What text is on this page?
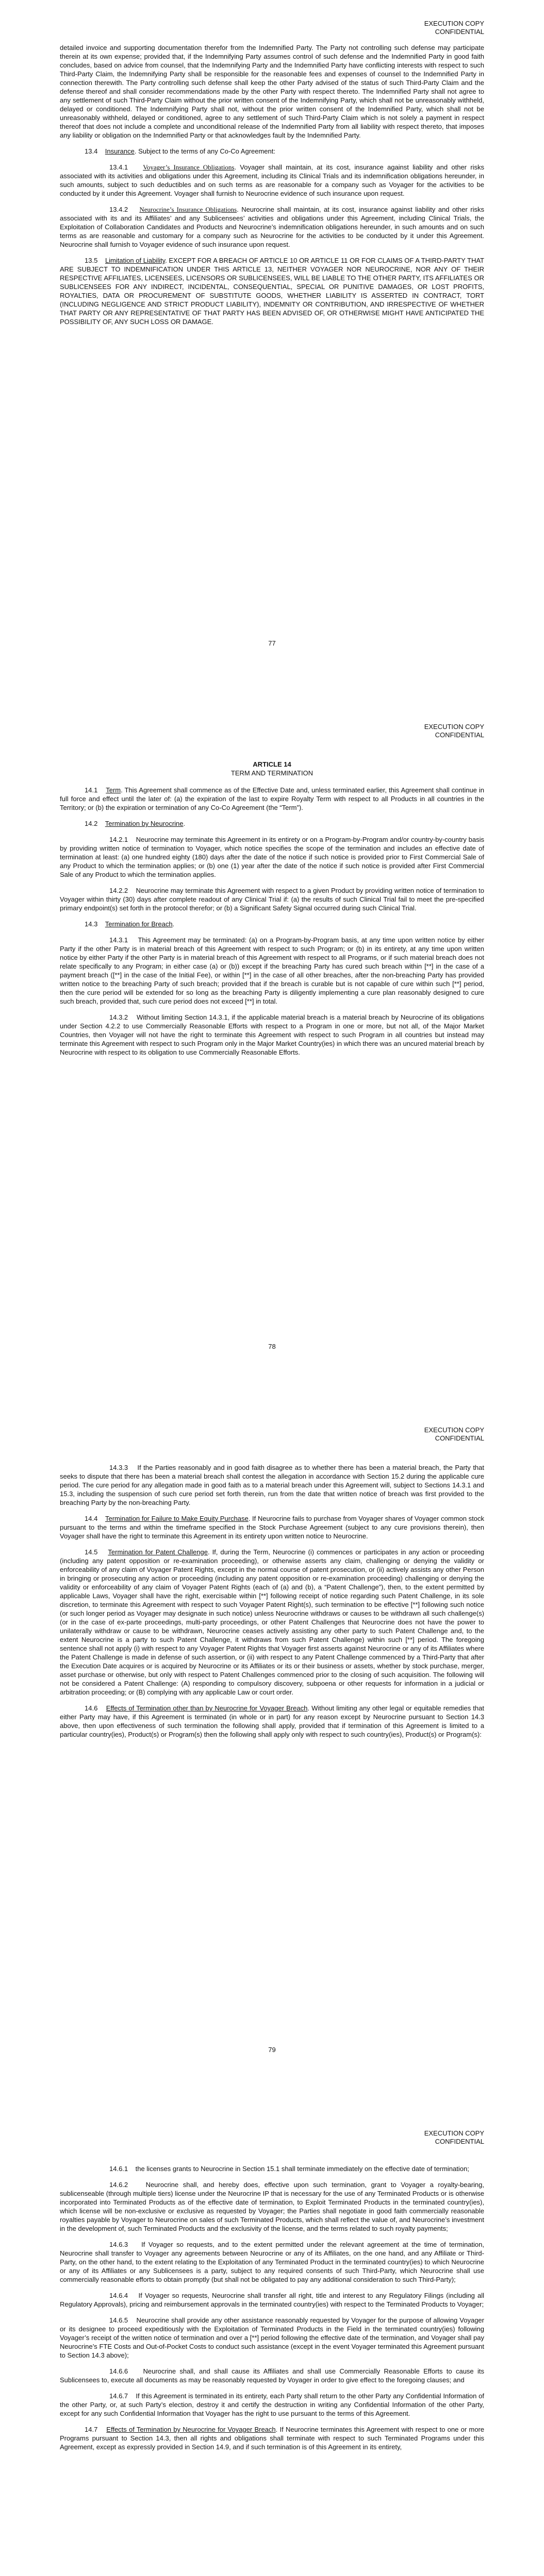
EXECUTION COPY
CONFIDENTIAL

detailed invoice and supporting documentation therefor from the Indemnified Party. The Party not controlling such defense may participate therein at its own expense; provided that, if the Indemnifying Party assumes control of such defense and the Indemnified Party in good faith concludes, based on advice from counsel, that the Indemnifying Party and the Indemnified Party have conflicting interests with respect to such Third-Party Claim, the Indemnifying Party shall be responsible for the reasonable fees and expenses of counsel to the Indemnified Party in connection therewith. The Party controlling such defense shall keep the other Party advised of the status of such Third-Party Claim and the defense thereof and shall consider recommendations made by the other Party with respect thereto. The Indemnified Party shall not agree to any settlement of such Third-Party Claim without the prior written consent of the Indemnifying Party, which shall not be unreasonably withheld, delayed or conditioned. The Indemnifying Party shall not, without the prior written consent of the Indemnified Party, which shall not be unreasonably withheld, delayed or conditioned, agree to any settlement of such Third-Party Claim which is not solely a payment in respect thereof that does not include a complete and unconditional release of the Indemnified Party from all liability with respect thereto, that imposes any liability or obligation on the Indemnified Party or that acknowledges fault by the Indemnified Party.

13.4 Insurance. Subject to the terms of any Co-Co Agreement:

13.4.1 Voyager’s Insurance Obligations. Voyager shall maintain, at its cost, insurance against liability and other risks associated with its activities and obligations under this Agreement, including its Clinical Trials and its indemnification obligations hereunder, in such amounts, subject to such deductibles and on such terms as are reasonable for a company such as Voyager for the activities to be conducted by it under this Agreement. Voyager shall furnish to Neurocrine evidence of such insurance upon request.

13.4.2 Neurocrine’s Insurance Obligations. Neurocrine shall maintain, at its cost, insurance against liability and other risks associated with its and its Affiliates’ and any Sublicensees’ activities and obligations under this Agreement, including Clinical Trials, the Exploitation of Collaboration Candidates and Products and Neurocrine’s indemnification obligations hereunder, in such amounts and on such terms as are reasonable and customary for a company such as Neurocrine for the activities to be conducted by it under this Agreement. Neurocrine shall furnish to Voyager evidence of such insurance upon request.

13.5 Limitation of Liability. EXCEPT FOR A BREACH OF ARTICLE 10 OR ARTICLE 11 OR FOR CLAIMS OF A THIRD-PARTY THAT ARE SUBJECT TO INDEMNIFICATION UNDER THIS ARTICLE 13, NEITHER VOYAGER NOR NEUROCRINE, NOR ANY OF THEIR RESPECTIVE AFFILIATES, LICENSEES, LICENSORS OR SUBLICENSEES, WILL BE LIABLE TO THE OTHER PARTY, ITS AFFILIATES OR SUBLICENSEES FOR ANY INDIRECT, INCIDENTAL, CONSEQUENTIAL, SPECIAL OR PUNITIVE DAMAGES, OR LOST PROFITS, ROYALTIES, DATA OR PROCUREMENT OF SUBSTITUTE GOODS, WHETHER LIABILITY IS ASSERTED IN CONTRACT, TORT (INCLUDING NEGLIGENCE AND STRICT PRODUCT LIABILITY), INDEMNITY OR CONTRIBUTION, AND IRRESPECTIVE OF WHETHER THAT PARTY OR ANY REPRESENTATIVE OF THAT PARTY HAS BEEN ADVISED OF, OR OTHERWISE MIGHT HAVE ANTICIPATED THE POSSIBILITY OF, ANY SUCH LOSS OR DAMAGE.

77
EXECUTION COPY
CONFIDENTIAL
ARTICLE 14
TERM AND TERMINATION

14.1 Term. This Agreement shall commence as of the Effective Date and, unless terminated earlier, this Agreement shall continue in full force and effect until the later of: (a) the expiration of the last to expire Royalty Term with respect to all Products in all countries in the Territory; or (b) the expiration or termination of any Co-Co Agreement (the “Term”).

14.2 Termination by Neurocrine.

14.2.1 Neurocrine may terminate this Agreement in its entirety or on a Program-by-Program and/or country-by-country basis by providing written notice of termination to Voyager, which notice specifies the scope of the termination and includes an effective date of termination at least: (a) one hundred eighty (180) days after the date of the notice if such notice is provided prior to First Commercial Sale of any Product to which the termination applies; or (b) one (1) year after the date of the notice if such notice is provided after First Commercial Sale of any Product to which the termination applies.

14.2.2 Neurocrine may terminate this Agreement with respect to a given Product by providing written notice of termination to Voyager within thirty (30) days after complete readout of any Clinical Trial if: (a) the results of such Clinical Trial fail to meet the pre-specified primary endpoint(s) set forth in the protocol therefor; or (b) a Significant Safety Signal occurred during such Clinical Trial.

14.3 Termination for Breach.

14.3.1 This Agreement may be terminated: (a) on a Program-by-Program basis, at any time upon written notice by either Party if the other Party is in material breach of this Agreement with respect to such Program; or (b) in its entirety, at any time upon written notice by either Party if the other Party is in material breach of this Agreement with respect to all Programs, or if such material breach does not relate specifically to any Program; in either case (a) or (b)) except if the breaching Party has cured such breach within [**] in the case of a payment breach ([**] in the case of the Initial Fee), or within [**] in the case of all other breaches, after the non-breaching Party has provided written notice to the breaching Party of such breach; provided that if the breach is curable but is not capable of cure within such [**] period, then the cure period will be extended for so long as the breaching Party is diligently implementing a cure plan reasonably designed to cure such breach, provided that, such cure period does not exceed [**] in total.

14.3.2 Without limiting Section 14.3.1, if the applicable material breach is a material breach by Neurocrine of its obligations under Section 4.2.2 to use Commercially Reasonable Efforts with respect to a Program in one or more, but not all, of the Major Market Countries, then Voyager will not have the right to terminate this Agreement with respect to such Program in all countries but instead may terminate this Agreement with respect to such Program only in the Major Market Country(ies) in which there was an uncured material breach by Neurocrine with respect to its obligation to use Commercially Reasonable Efforts.

78
EXECUTION COPY
CONFIDENTIAL

14.3.3 If the Parties reasonably and in good faith disagree as to whether there has been a material breach, the Party that seeks to dispute that there has been a material breach shall contest the allegation in accordance with Section 15.2 during the applicable cure period. The cure period for any allegation made in good faith as to a material breach under this Agreement will, subject to Sections 14.3.1 and 15.3, including the suspension of such cure period set forth therein, run from the date that written notice of breach was first provided to the breaching Party by the non-breaching Party.

14.4 Termination for Failure to Make Equity Purchase. If Neurocrine fails to purchase from Voyager shares of Voyager common stock pursuant to the terms and within the timeframe specified in the Stock Purchase Agreement (subject to any cure provisions therein), then Voyager shall have the right to terminate this Agreement in its entirety upon written notice to Neurocrine.

14.5 Termination for Patent Challenge. If, during the Term, Neurocrine (i) commences or participates in any action or proceeding (including any patent opposition or re-examination proceeding), or otherwise asserts any claim, challenging or denying the validity or enforceability of any claim of Voyager Patent Rights, except in the normal course of patent prosecution, or (ii) actively assists any other Person in bringing or prosecuting any action or proceeding (including any patent opposition or re-examination proceeding) challenging or denying the validity or enforceability of any claim of Voyager Patent Rights (each of (a) and (b), a “Patent Challenge”), then, to the extent permitted by applicable Laws, Voyager shall have the right, exercisable within [**] following receipt of notice regarding such Patent Challenge, in its sole discretion, to terminate this Agreement with respect to such Voyager Patent Right(s), such termination to be effective [**] following such notice (or such longer period as Voyager may designate in such notice) unless Neurocrine withdraws or causes to be withdrawn all such challenge(s) (or in the case of ex-parte proceedings, multi-party proceedings, or other Patent Challenges that Neurocrine does not have the power to unilaterally withdraw or cause to be withdrawn, Neurocrine ceases actively assisting any other party to such Patent Challenge and, to the extent Neurocrine is a party to such Patent Challenge, it withdraws from such Patent Challenge) within such [**] period. The foregoing sentence shall not apply (i) with respect to any Voyager Patent Rights that Voyager first asserts against Neurocrine or any of its Affiliates where the Patent Challenge is made in defense of such assertion, or (ii) with respect to any Patent Challenge commenced by a Third-Party that after the Execution Date acquires or is acquired by Neurocrine or its Affiliates or its or their business or assets, whether by stock purchase, merger, asset purchase or otherwise, but only with respect to Patent Challenges commenced prior to the closing of such acquisition. The following will not be considered a Patent Challenge: (A) responding to compulsory discovery, subpoena or other requests for information in a judicial or arbitration proceeding; or (B) complying with any applicable Law or court order.

14.6 Effects of Termination other than by Neurocrine for Voyager Breach. Without limiting any other legal or equitable remedies that either Party may have, if this Agreement is terminated (in whole or in part) for any reason except by Neurocrine pursuant to Section 14.3 above, then upon effectiveness of such termination the following shall apply, provided that if termination of this Agreement is limited to a particular country(ies), Product(s) or Program(s) then the following shall apply only with respect to such country(ies), Product(s) or Program(s):

79
EXECUTION COPY
CONFIDENTIAL

14.6.1 the licenses grants to Neurocrine in Section 15.1 shall terminate immediately on the effective date of termination;

14.6.2	Neurocrine shall, and hereby does, effective upon such termination, grant to Voyager a royalty-bearing, sublicenseable (through multiple tiers) license under the Neurocrine IP that is necessary for the use of any Terminated Products or is otherwise incorporated into Terminated Products as of the effective date of termination, to Exploit Terminated Products in the terminated country(ies), which license will be non-exclusive or exclusive as requested by Voyager; the Parties shall negotiate in good faith commercially reasonable royalties payable by Voyager to Neurocrine on sales of such Terminated Products, which shall reflect the value of, and Neurocrine’s investment in the development of, such Terminated Products and the exclusivity of the license, and the terms related to such royalty payments;

14.6.3 If Voyager so requests, and to the extent permitted under the relevant agreement at the time of termination, Neurocrine shall transfer to Voyager any agreements between Neurocrine or any of its Affiliates, on the one hand, and any Affiliate or Third-Party, on the other hand, to the extent relating to the Exploitation of any Terminated Product in the terminated country(ies) to which Neurocrine or any of its Affiliates or any Sublicensees is a party, subject to any required consents of such Third-Party, which Neurocrine shall use commercially reasonable efforts to obtain promptly (but shall not be obligated to pay any additional consideration to such Third-Party);

14.6.4 If Voyager so requests, Neurocrine shall transfer all right, title and interest to any Regulatory Filings (including all Regulatory Approvals), pricing and reimbursement approvals in the terminated country(ies) with respect to the Terminated Products to Voyager;

14.6.5 Neurocrine shall provide any other assistance reasonably requested by Voyager for the purpose of allowing Voyager or its designee to proceed expeditiously with the Exploitation of Terminated Products in the Field in the terminated country(ies) following Voyager’s receipt of the written notice of termination and over a [**] period following the effective date of the termination, and Voyager shall pay Neurocrine’s FTE Costs and Out-of-Pocket Costs to conduct such assistance (except in the event Voyager terminated this Agreement pursuant to Section 14.3 above);

14.6.6 Neurocrine shall, and shall cause its Affiliates and shall use Commercially Reasonable Efforts to cause its Sublicensees to, execute all documents as may be reasonably requested by Voyager in order to give effect to the foregoing clauses; and

14.6.7 If this Agreement is terminated in its entirety, each Party shall return to the other Party any Confidential Information of the other Party, or, at such Party’s election, destroy it and certify the destruction in writing any Confidential Information of the other Party, except for any such Confidential Information that Voyager has the right to use pursuant to the terms of this Agreement.

14.7 Effects of Termination by Neurocrine for Voyager Breach. If Neurocrine terminates this Agreement with respect to one or more Programs pursuant to Section 14.3, then all rights and obligations shall terminate with respect to such Terminated Programs under this Agreement, except as expressly provided in Section 14.9, and if such termination is of this Agreement in its entirety,
